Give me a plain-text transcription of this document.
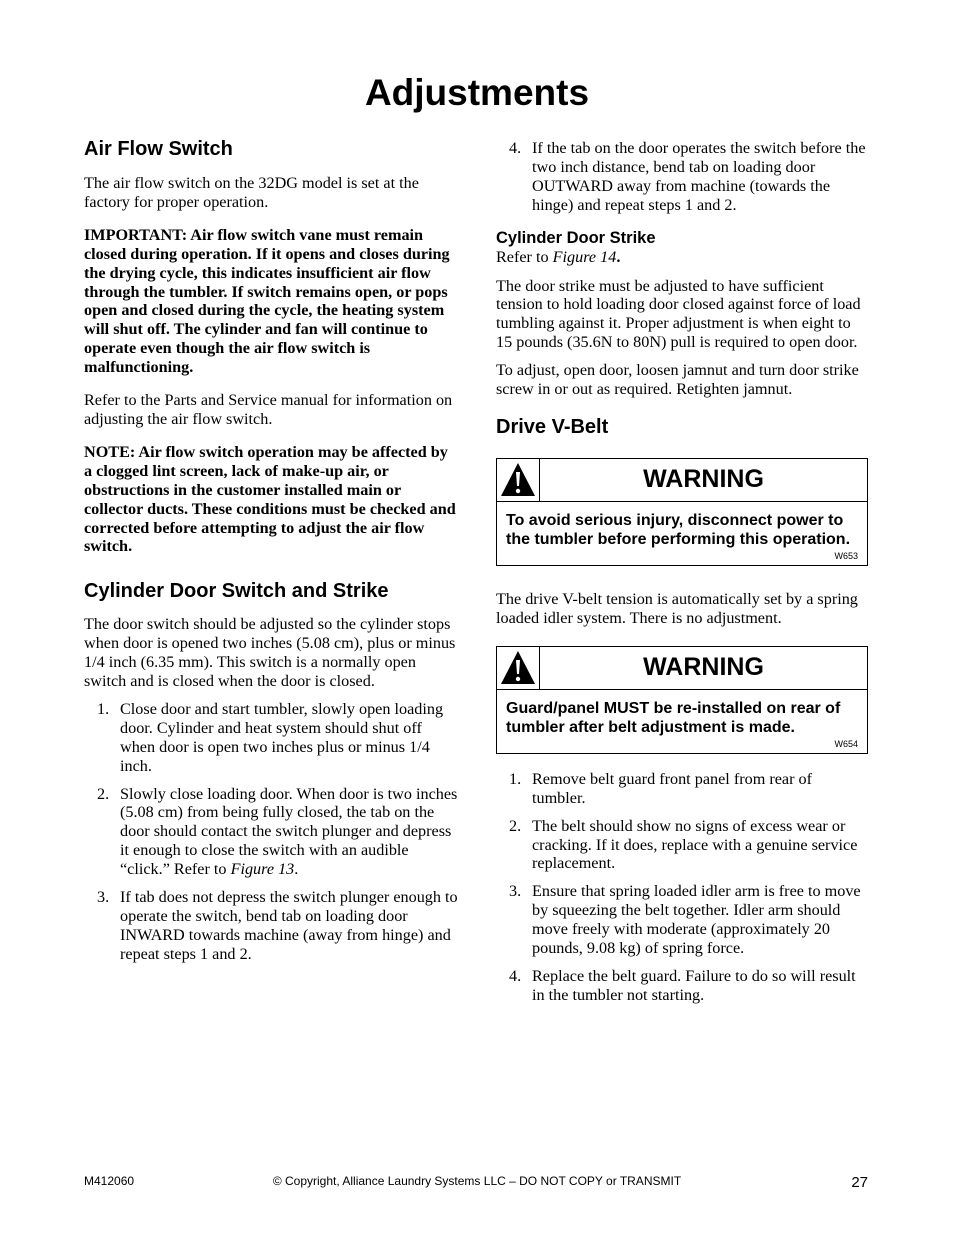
Adjustments
Air Flow Switch

The air flow switch on the 32DG model is set at the factory for proper operation.

IMPORTANT: Air flow switch vane must remain closed during operation. If it opens and closes during the drying cycle, this indicates insufficient air flow through the tumbler. If switch remains open, or pops open and closed during the cycle, the heating system will shut off. The cylinder and fan will continue to operate even though the air flow switch is malfunctioning.

Refer to the Parts and Service manual for information on adjusting the air flow switch.

NOTE: Air flow switch operation may be affected by a clogged lint screen, lack of make-up air, or obstructions in the customer installed main or collector ducts. These conditions must be checked and corrected before attempting to adjust the air flow switch.

Cylinder Door Switch and Strike

The door switch should be adjusted so the cylinder stops when door is opened two inches (5.08 cm), plus or minus 1/4 inch (6.35 mm). This switch is a normally open switch and is closed when the door is closed.

1. Close door and start tumbler, slowly open loading door. Cylinder and heat system should shut off when door is open two inches plus or minus 1/4 inch.
2. Slowly close loading door. When door is two inches (5.08 cm) from being fully closed, the tab on the door should contact the switch plunger and depress it enough to close the switch with an audible “click.” Refer to Figure 13.
3. If tab does not depress the switch plunger enough to operate the switch, bend tab on loading door INWARD towards machine (away from hinge) and repeat steps 1 and 2.
4. If the tab on the door operates the switch before the two inch distance, bend tab on loading door OUTWARD away from machine (towards the hinge) and repeat steps 1 and 2.
Cylinder Door Strike

Refer to Figure 14.

The door strike must be adjusted to have sufficient tension to hold loading door closed against force of load tumbling against it. Proper adjustment is when eight to 15 pounds (35.6N to 80N) pull is required to open door.

To adjust, open door, loosen jamnut and turn door strike screw in or out as required. Retighten jamnut.

Drive V-Belt
WARNING
To avoid serious injury, disconnect power to the tumbler before performing this operation.
W653

The drive V-belt tension is automatically set by a spring loaded idler system. There is no adjustment.

WARNING
Guard/panel MUST be re-installed on rear of tumbler after belt adjustment is made.
W654
1. Remove belt guard front panel from rear of tumbler.
2. The belt should show no signs of excess wear or cracking. If it does, replace with a genuine service replacement.
3. Ensure that spring loaded idler arm is free to move by squeezing the belt together. Idler arm should move freely with moderate (approximately 20 pounds, 9.08 kg) of spring force.
4. Replace the belt guard. Failure to do so will result in the tumbler not starting.
M412060	© Copyright, Alliance Laundry Systems LLC – DO NOT COPY or TRANSMIT	27
